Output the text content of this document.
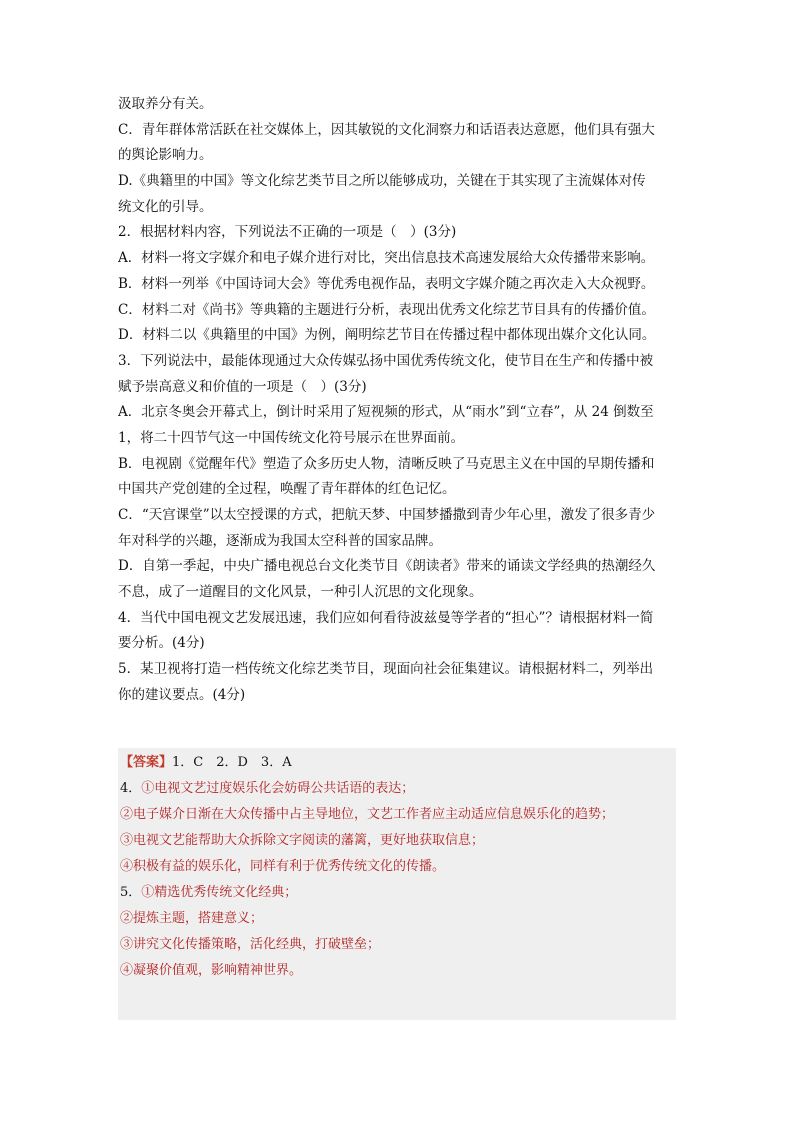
汲取养分有关。
C．青年群体常活跃在社交媒体上，因其敏锐的文化洞察力和话语表达意愿，他们具有强大
的舆论影响力。
D.《典籍里的中国》等文化综艺类节目之所以能够成功，关键在于其实现了主流媒体对传
统文化的引导。
2．根据材料内容，下列说法不正确的一项是（　）(3分)
A．材料一将文字媒介和电子媒介进行对比，突出信息技术高速发展给大众传播带来影响。
B．材料一列举《中国诗词大会》等优秀电视作品，表明文字媒介随之再次走入大众视野。
C．材料二对《尚书》等典籍的主题进行分析，表现出优秀文化综艺节目具有的传播价值。
D．材料二以《典籍里的中国》为例，阐明综艺节目在传播过程中都体现出媒介文化认同。
3．下列说法中，最能体现通过大众传媒弘扬中国优秀传统文化，使节目在生产和传播中被
赋予崇高意义和价值的一项是（　）(3分)
A．北京冬奥会开幕式上，倒计时采用了短视频的形式，从“雨水”到“立春”，从 24 倒数至
1，将二十四节气这一中国传统文化符号展示在世界面前。
B．电视剧《觉醒年代》塑造了众多历史人物，清晰反映了马克思主义在中国的早期传播和
中国共产党创建的全过程，唤醒了青年群体的红色记忆。
C．“天宫课堂”以太空授课的方式，把航天梦、中国梦播撒到青少年心里，激发了很多青少
年对科学的兴趣，逐渐成为我国太空科普的国家品牌。
D．自第一季起，中央广播电视总台文化类节目《朗读者》带来的诵读文学经典的热潮经久
不息，成了一道醒目的文化风景，一种引人沉思的文化现象。
4．当代中国电视文艺发展迅速，我们应如何看待波兹曼等学者的“担心”？请根据材料一简
要分析。(4分)
5．某卫视将打造一档传统文化综艺类节目，现面向社会征集建议。请根据材料二，列举出
你的建议要点。(4分)
【答案】1．C　2．D　3．A
4．①电视文艺过度娱乐化会妨碍公共话语的表达；
②电子媒介日渐在大众传播中占主导地位，文艺工作者应主动适应信息娱乐化的趋势；
③电视文艺能帮助大众拆除文字阅读的藩篱，更好地获取信息；
④积极有益的娱乐化，同样有利于优秀传统文化的传播。
5．①精选优秀传统文化经典；
②提炼主题，搭建意义；
③讲究文化传播策略，活化经典，打破壁垒；
④凝聚价值观，影响精神世界。
